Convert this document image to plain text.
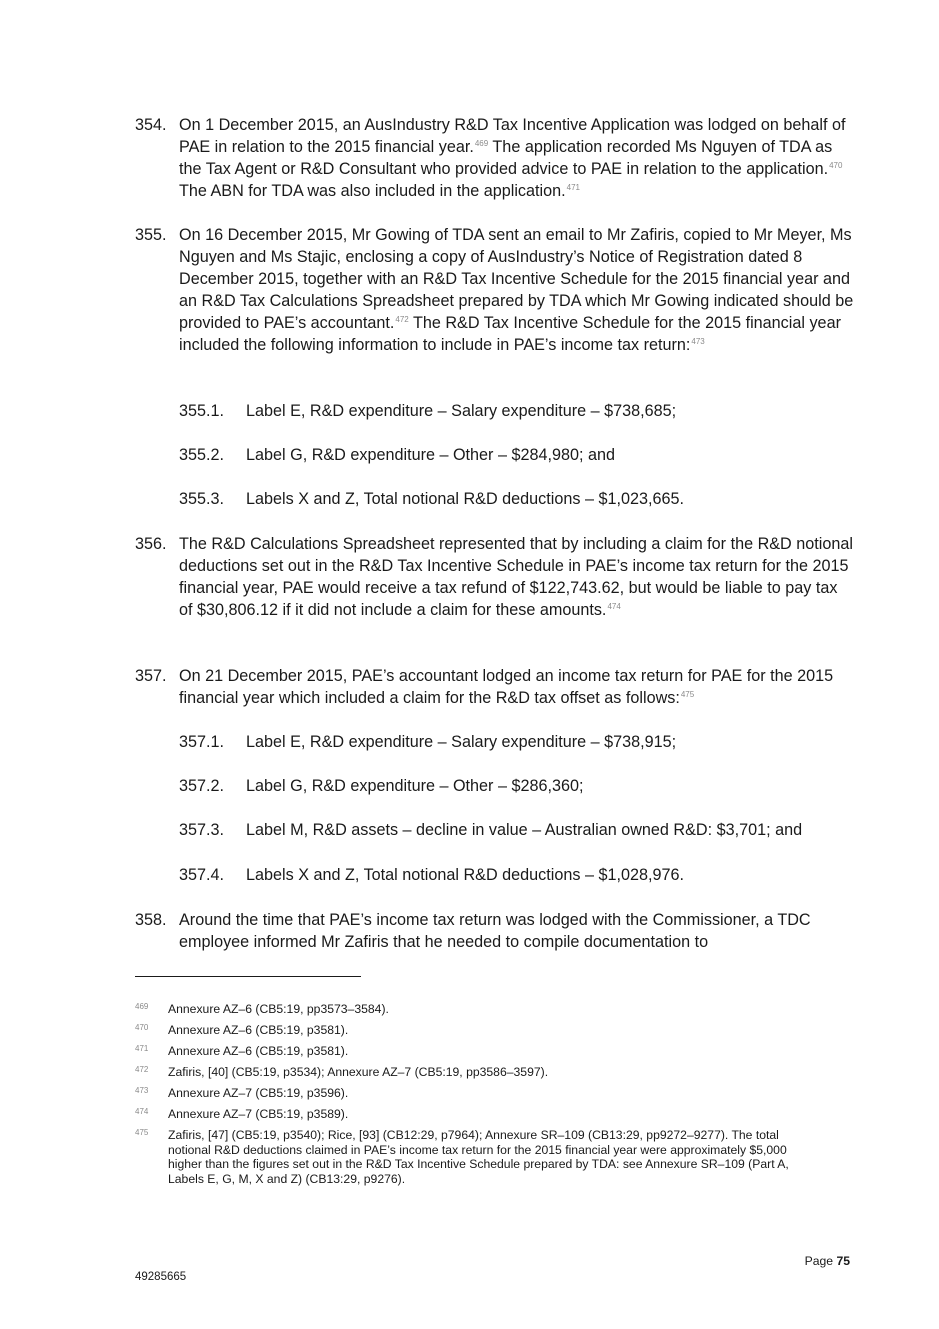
354. On 1 December 2015, an AusIndustry R&D Tax Incentive Application was lodged on behalf of PAE in relation to the 2015 financial year.$^{469}$ The application recorded Ms Nguyen of TDA as the Tax Agent or R&D Consultant who provided advice to PAE in relation to the application.$^{470}$ The ABN for TDA was also included in the application.$^{471}$
355. On 16 December 2015, Mr Gowing of TDA sent an email to Mr Zafiris, copied to Mr Meyer, Ms Nguyen and Ms Stajic, enclosing a copy of AusIndustry’s Notice of Registration dated 8 December 2015, together with an R&D Tax Incentive Schedule for the 2015 financial year and an R&D Tax Calculations Spreadsheet prepared by TDA which Mr Gowing indicated should be provided to PAE’s accountant.$^{472}$ The R&D Tax Incentive Schedule for the 2015 financial year included the following information to include in PAE’s income tax return:$^{473}$
355.1. Label E, R&D expenditure – Salary expenditure – $738,685;
355.2. Label G, R&D expenditure – Other – $284,980; and
355.3. Labels X and Z, Total notional R&D deductions – $1,023,665.
356. The R&D Calculations Spreadsheet represented that by including a claim for the R&D notional deductions set out in the R&D Tax Incentive Schedule in PAE’s income tax return for the 2015 financial year, PAE would receive a tax refund of $122,743.62, but would be liable to pay tax of $30,806.12 if it did not include a claim for these amounts.$^{474}$
357. On 21 December 2015, PAE’s accountant lodged an income tax return for PAE for the 2015 financial year which included a claim for the R&D tax offset as follows:$^{475}$
357.1. Label E, R&D expenditure – Salary expenditure – $738,915;
357.2. Label G, R&D expenditure – Other – $286,360;
357.3. Label M, R&D assets – decline in value – Australian owned R&D: $3,701; and
357.4. Labels X and Z, Total notional R&D deductions – $1,028,976.
358. Around the time that PAE’s income tax return was lodged with the Commissioner, a TDC employee informed Mr Zafiris that he needed to compile documentation to
469 Annexure AZ–6 (CB5:19, pp3573–3584).
470 Annexure AZ–6 (CB5:19, p3581).
471 Annexure AZ–6 (CB5:19, p3581).
472 Zafiris, [40] (CB5:19, p3534); Annexure AZ–7 (CB5:19, pp3586–3597).
473 Annexure AZ–7 (CB5:19, p3596).
474 Annexure AZ–7 (CB5:19, p3589).
475 Zafiris, [47] (CB5:19, p3540); Rice, [93] (CB12:29, p7964); Annexure SR–109 (CB13:29, pp9272–9277). The total notional R&D deductions claimed in PAE’s income tax return for the 2015 financial year were approximately $5,000 higher than the figures set out in the R&D Tax Incentive Schedule prepared by TDA: see Annexure SR–109 (Part A, Labels E, G, M, X and Z) (CB13:29, p9276).
Page 75
49285665
